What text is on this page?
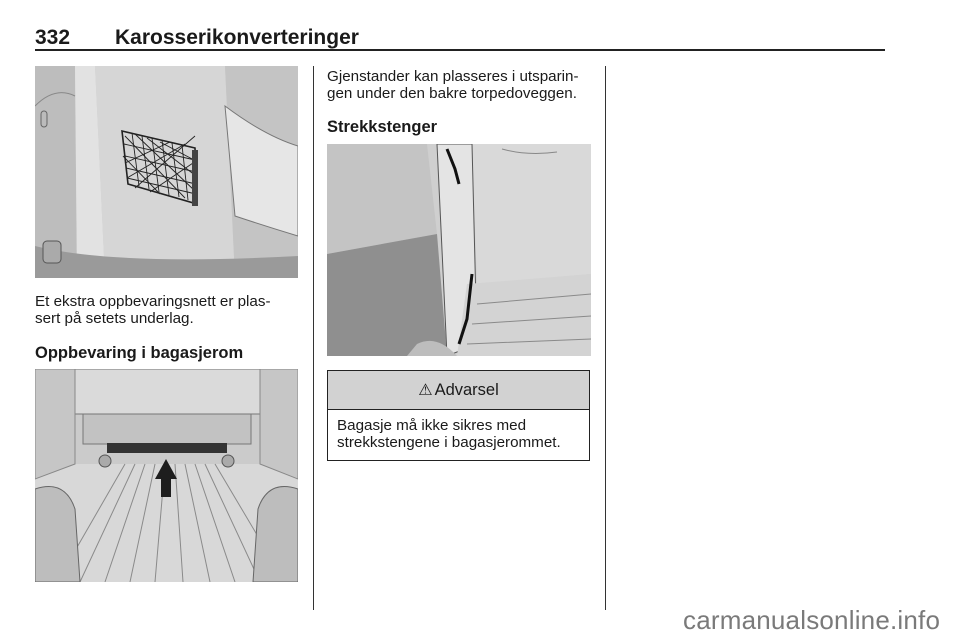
332 Karosserikonverteringer
Et ekstra oppbevaringsnett er plas-
sert på setets underlag.
Oppbevaring i bagasjerom
Gjenstander kan plasseres i utsparin-
gen under den bakre torpedoveggen.
Strekkstenger
⚠ Advarsel
Bagasje må ikke sikres med
strekkstengene i bagasjerommet.
carmanualsonline.info
